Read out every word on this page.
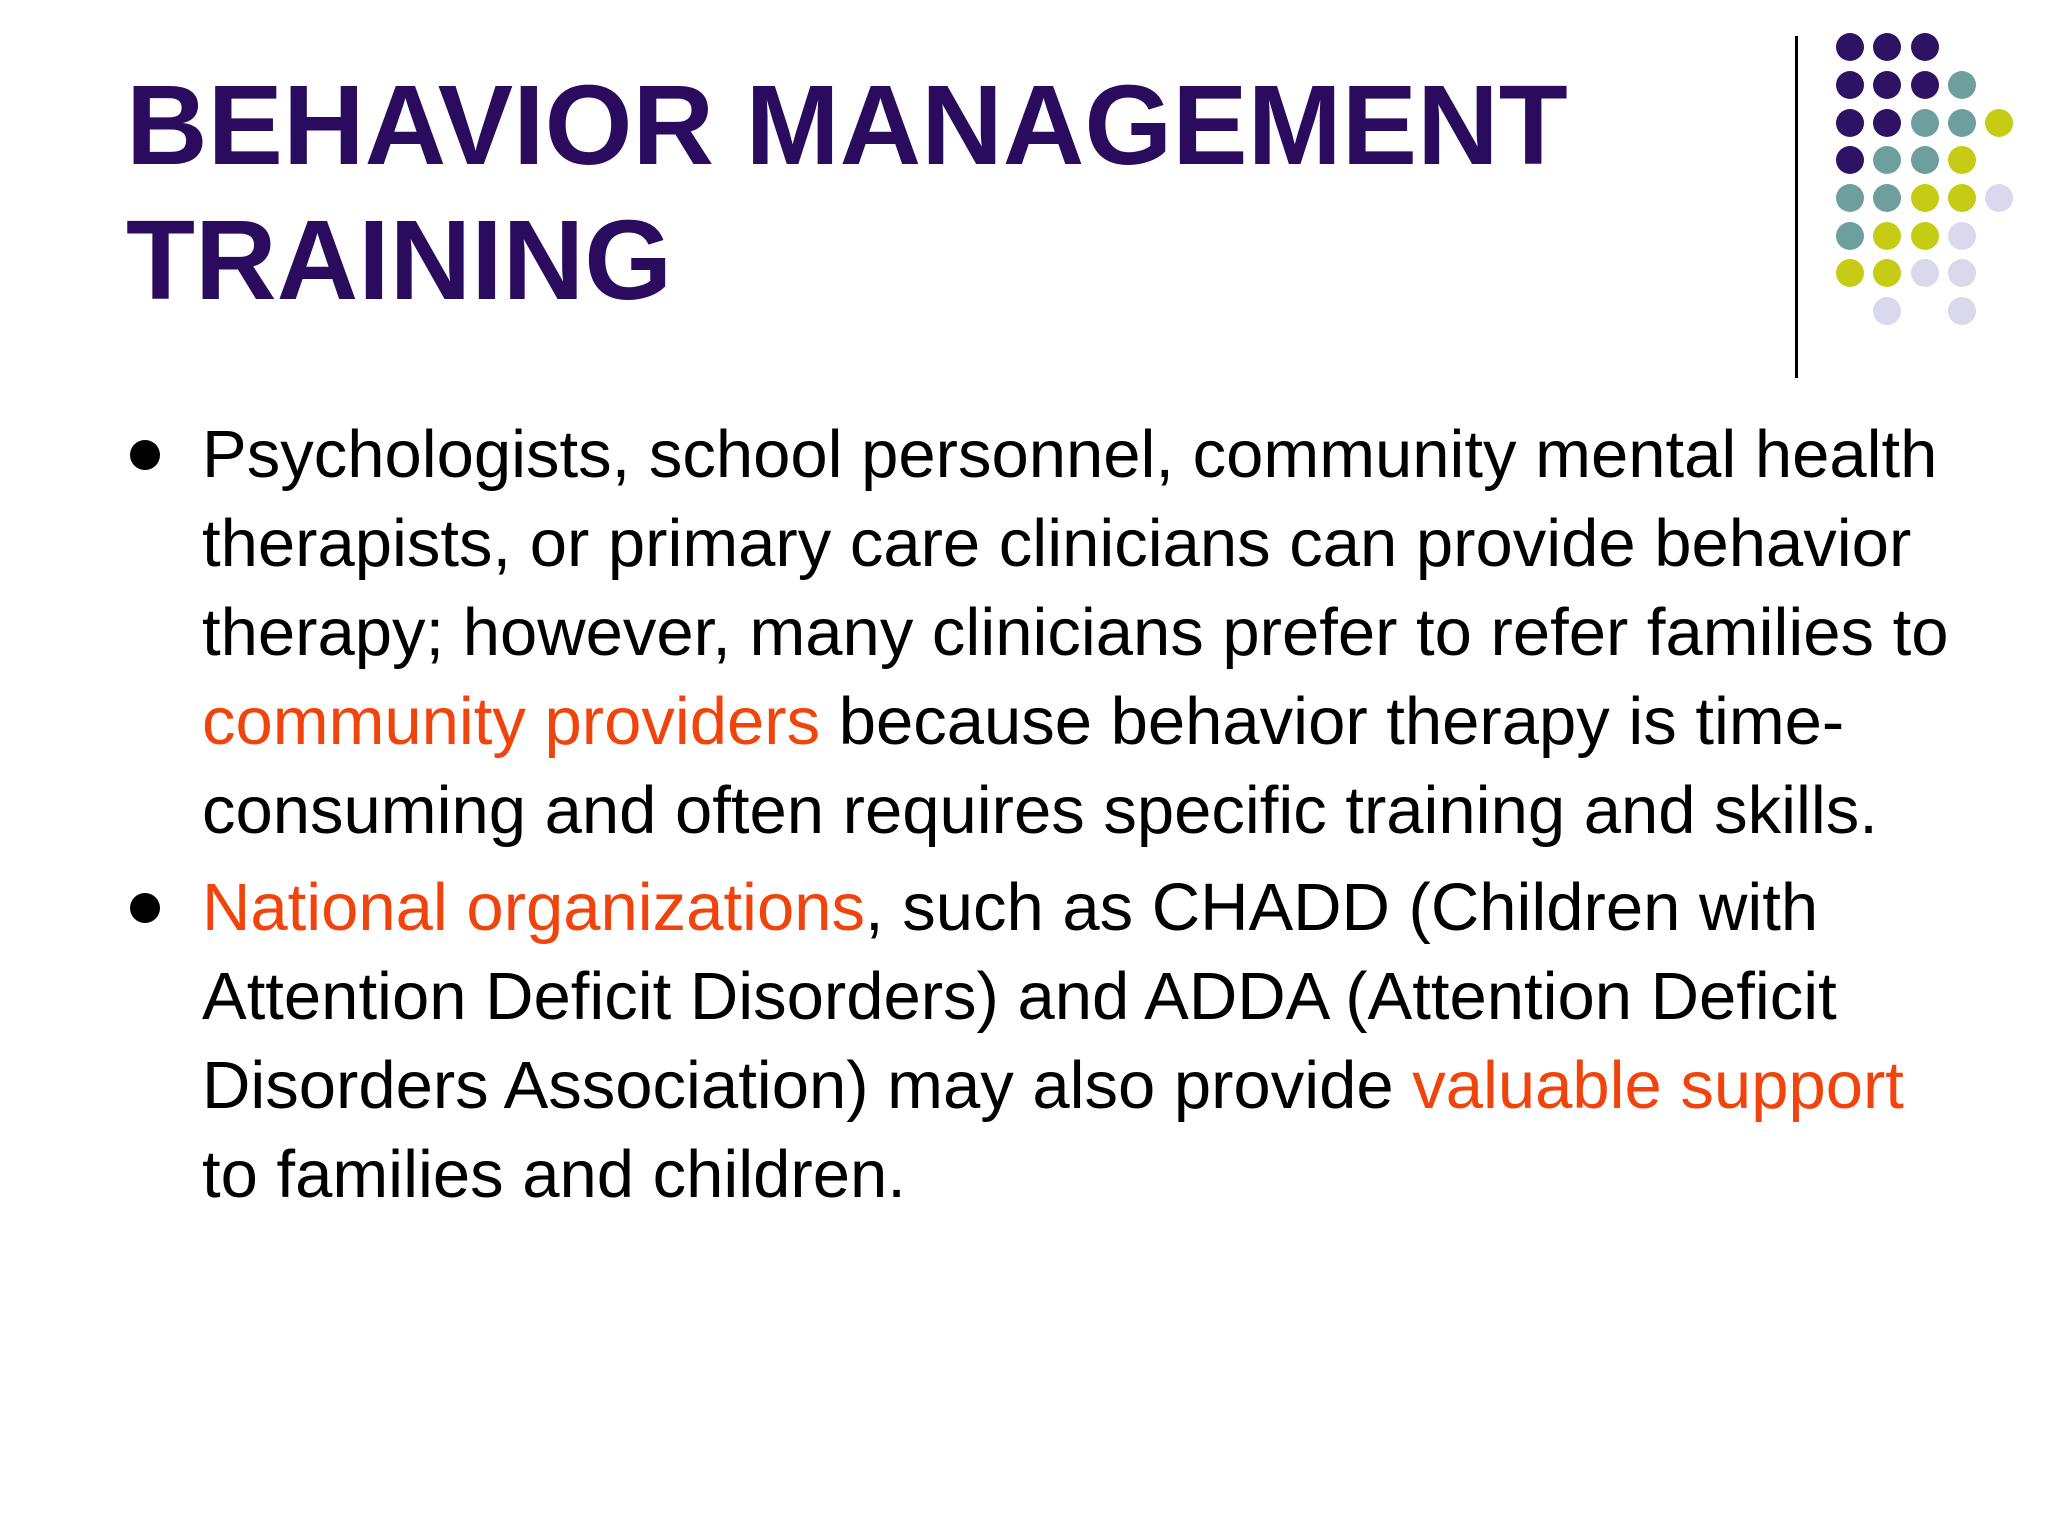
BEHAVIOR MANAGEMENT
TRAINING
Psychologists, school personnel, community mental health therapists, or primary care clinicians can provide behavior therapy; however, many clinicians prefer to refer families to community providers because behavior therapy is time-consuming and often requires specific training and skills.
National organizations, such as CHADD (Children with Attention Deficit Disorders) and ADDA (Attention Deficit Disorders Association) may also provide valuable support to families and children.
